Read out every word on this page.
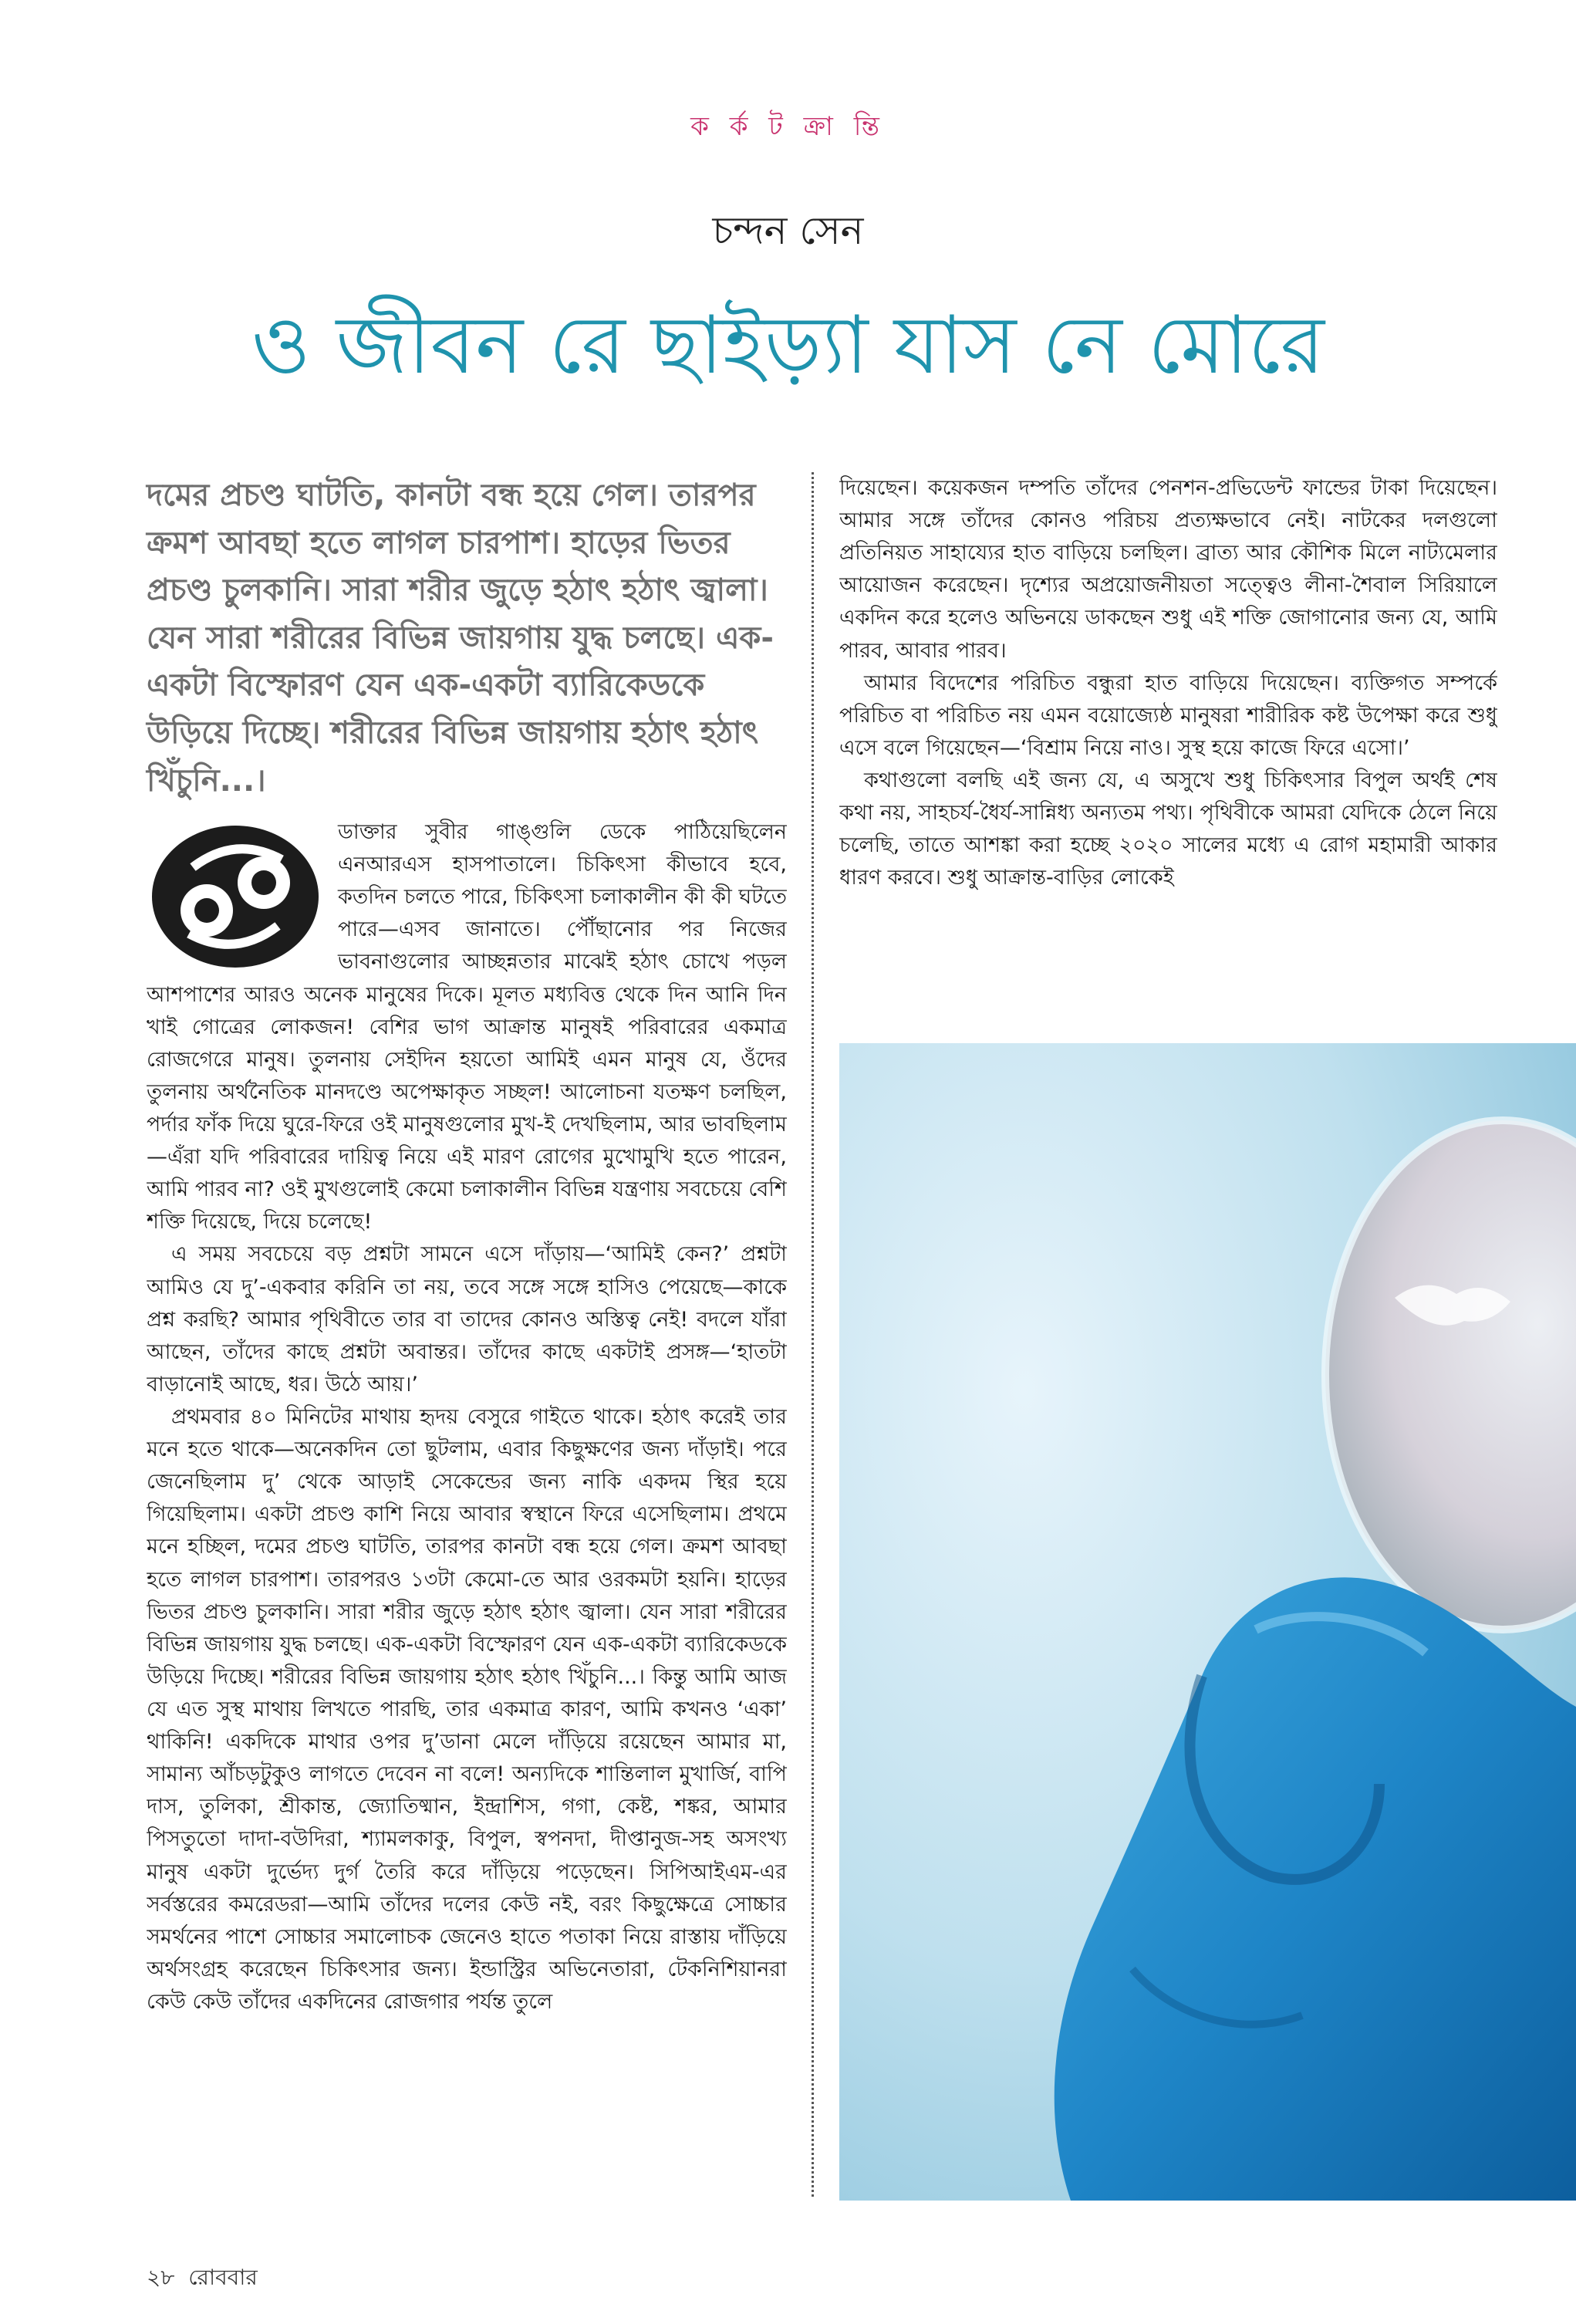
ক র্ক ট ক্রা ন্তি
চন্দন সেন
ও জীবন রে ছাইড়্যা যাস নে মোরে

দমের প্রচণ্ড ঘাটতি, কানটা বন্ধ হয়ে গেল। তারপর ক্রমশ আবছা হতে লাগল চারপাশ। হাড়ের ভিতর প্রচণ্ড চুলকানি। সারা শরীর জুড়ে হঠাৎ হঠাৎ জ্বালা। যেন সারা শরীরের বিভিন্ন জায়গায় যুদ্ধ চলছে। এক-একটা বিস্ফোরণ যেন এক-একটা ব্যারিকেডকে উড়িয়ে দিচ্ছে। শরীরের বিভিন্ন জায়গায় হঠাৎ হঠাৎ খিঁচুনি...।

ডাক্তার সুবীর গাঙ্গুলি ডেকে পাঠিয়েছিলেন এনআরএস হাসপাতালে। চিকিৎসা কীভাবে হবে, কতদিন চলতে পারে, চিকিৎসা চলাকালীন কী কী ঘটতে পারে—এসব জানাতে। পৌঁছানোর পর নিজের ভাবনাগুলোর আচ্ছন্নতার মাঝেই হঠাৎ চোখে পড়ল আশপাশের আরও অনেক মানুষের দিকে। মূলত মধ্যবিত্ত থেকে দিন আনি দিন খাই গোত্রের লোকজন! বেশির ভাগ আক্রান্ত মানুষই পরিবারের একমাত্র রোজগেরে মানুষ। তুলনায় সেইদিন হয়তো আমিই এমন মানুষ যে, ওঁদের তুলনায় অর্থনৈতিক মানদণ্ডে অপেক্ষাকৃত সচ্ছল! আলোচনা যতক্ষণ চলছিল, পর্দার ফাঁক দিয়ে ঘুরে-ফিরে ওই মানুষগুলোর মুখ-ই দেখছিলাম, আর ভাবছিলাম—এঁরা যদি পরিবারের দায়িত্ব নিয়ে এই মারণ রোগের মুখোমুখি হতে পারেন, আমি পারব না? ওই মুখগুলোই কেমো চলাকালীন বিভিন্ন যন্ত্রণায় সবচেয়ে বেশি শক্তি দিয়েছে, দিয়ে চলেছে!

এ সময় সবচেয়ে বড় প্রশ্নটা সামনে এসে দাঁড়ায়—‘আমিই কেন?’ প্রশ্নটা আমিও যে দু’-একবার করিনি তা নয়, তবে সঙ্গে সঙ্গে হাসিও পেয়েছে—কাকে প্রশ্ন করছি? আমার পৃথিবীতে তার বা তাদের কোনও অস্তিত্ব নেই! বদলে যাঁরা আছেন, তাঁদের কাছে প্রশ্নটা অবান্তর। তাঁদের কাছে একটাই প্রসঙ্গ—‘হাতটা বাড়ানোই আছে, ধর। উঠে আয়।’

প্রথমবার ৪০ মিনিটের মাথায় হৃদয় বেসুরে গাইতে থাকে। হঠাৎ করেই তার মনে হতে থাকে—অনেকদিন তো ছুটলাম, এবার কিছুক্ষণের জন্য দাঁড়াই। পরে জেনেছিলাম দু’ থেকে আড়াই সেকেন্ডের জন্য নাকি একদম স্থির হয়ে গিয়েছিলাম। একটা প্রচণ্ড কাশি নিয়ে আবার স্বস্থানে ফিরে এসেছিলাম। প্রথমে মনে হচ্ছিল, দমের প্রচণ্ড ঘাটতি, তারপর কানটা বন্ধ হয়ে গেল। ক্রমশ আবছা হতে লাগল চারপাশ। তারপরও ১৩টা কেমো-তে আর ওরকমটা হয়নি। হাড়ের ভিতর প্রচণ্ড চুলকানি। সারা শরীর জুড়ে হঠাৎ হঠাৎ জ্বালা। যেন সারা শরীরের বিভিন্ন জায়গায় যুদ্ধ চলছে। এক-একটা বিস্ফোরণ যেন এক-একটা ব্যারিকেডকে উড়িয়ে দিচ্ছে। শরীরের বিভিন্ন জায়গায় হঠাৎ হঠাৎ খিঁচুনি...। কিন্তু আমি আজ যে এত সুস্থ মাথায় লিখতে পারছি, তার একমাত্র কারণ, আমি কখনও ‘একা’ থাকিনি! একদিকে মাথার ওপর দু’ডানা মেলে দাঁড়িয়ে রয়েছেন আমার মা, সামান্য আঁচড়টুকুও লাগতে দেবেন না বলে! অন্যদিকে শান্তিলাল মুখার্জি, বাপি দাস, তুলিকা, শ্রীকান্ত, জ্যোতিষ্মান, ইন্দ্রাশিস, গগা, কেষ্ট, শঙ্কর, আমার পিসতুতো দাদা-বউদিরা, শ্যামলকাকু, বিপুল, স্বপনদা, দীপ্তানুজ-সহ অসংখ্য মানুষ একটা দুর্ভেদ্য দুর্গ তৈরি করে দাঁড়িয়ে পড়েছেন। সিপিআইএম-এর সর্বস্তরের কমরেডরা—আমি তাঁদের দলের কেউ নই, বরং কিছুক্ষেত্রে সোচ্চার সমর্থনের পাশে সোচ্চার সমালোচক জেনেও হাতে পতাকা নিয়ে রাস্তায় দাঁড়িয়ে অর্থসংগ্রহ করেছেন চিকিৎসার জন্য। ইন্ডাস্ট্রির অভিনেতারা, টেকনিশিয়ানরা কেউ কেউ তাঁদের একদিনের রোজগার পর্যন্ত তুলে

দিয়েছেন। কয়েকজন দম্পতি তাঁদের পেনশন-প্রভিডেন্ট ফান্ডের টাকা দিয়েছেন। আমার সঙ্গে তাঁদের কোনও পরিচয় প্রত্যক্ষভাবে নেই। নাটকের দলগুলো প্রতিনিয়ত সাহায্যের হাত বাড়িয়ে চলছিল। ব্রাত্য আর কৌশিক মিলে নাট্যমেলার আয়োজন করেছেন। দৃশ্যের অপ্রয়োজনীয়তা সত্ত্বেও লীনা-শৈবাল সিরিয়ালে একদিন করে হলেও অভিনয়ে ডাকছেন শুধু এই শক্তি জোগানোর জন্য যে, আমি পারব, আবার পারব।

আমার বিদেশের পরিচিত বন্ধুরা হাত বাড়িয়ে দিয়েছেন। ব্যক্তিগত সম্পর্কে পরিচিত বা পরিচিত নয় এমন বয়োজ্যেষ্ঠ মানুষরা শারীরিক কষ্ট উপেক্ষা করে শুধু এসে বলে গিয়েছেন—‘বিশ্রাম নিয়ে নাও। সুস্থ হয়ে কাজে ফিরে এসো।’

কথাগুলো বলছি এই জন্য যে, এ অসুখে শুধু চিকিৎসার বিপুল অর্থই শেষ কথা নয়, সাহচর্য-ধৈর্য-সান্নিধ্য অন্যতম পথ্য। পৃথিবীকে আমরা যেদিকে ঠেলে নিয়ে চলেছি, তাতে আশঙ্কা করা হচ্ছে ২০২০ সালের মধ্যে এ রোগ মহামারী আকার ধারণ করবে। শুধু আক্রান্ত-বাড়ির লোকেই

২৮ রোববার
